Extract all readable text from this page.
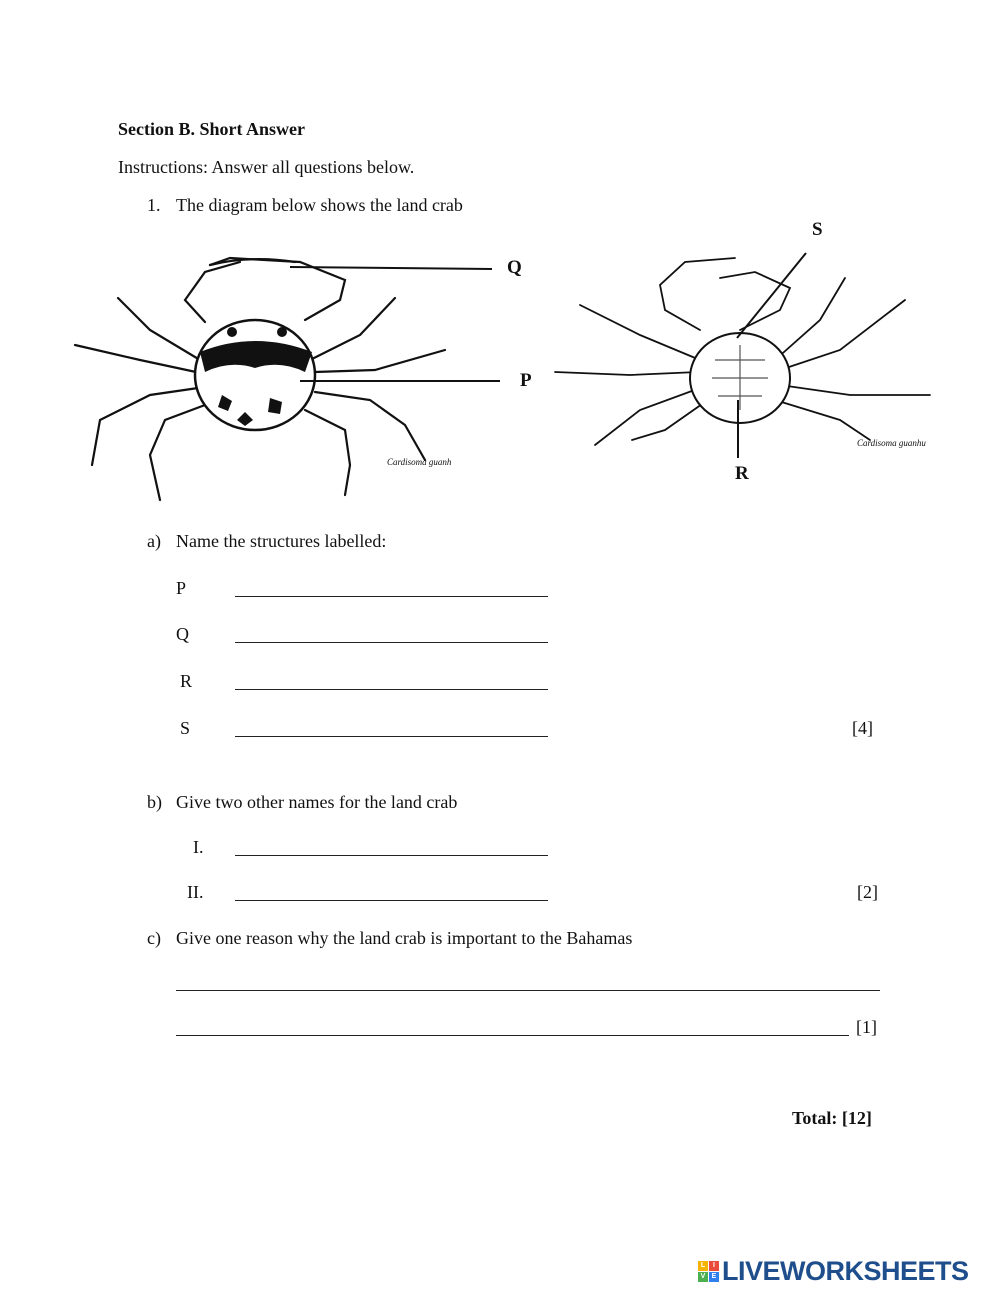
Section B. Short Answer
Instructions: Answer all questions below.
1. The diagram below shows the land crab
Cardisoma guanh
Cardisoma guanhu
Q
P
S
R
a) Name the structures labelled:
P
Q
R
S	[4]
b) Give two other names for the land crab
I.
II.	[2]
c) Give one reason why the land crab is important to the Bahamas
[1]
Total: [12]
L	I
V E LIVEWORKSHEETS
